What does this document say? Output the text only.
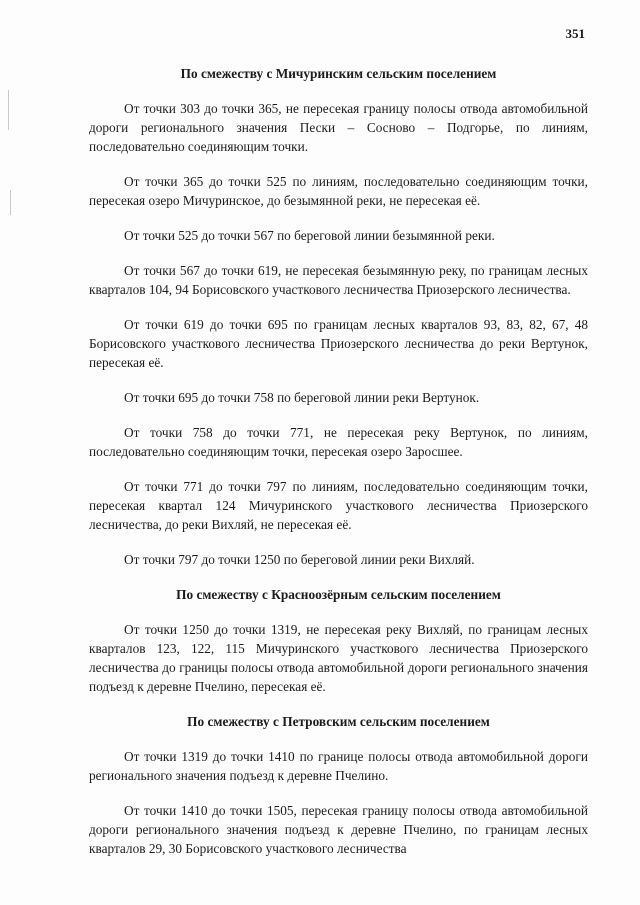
351
По смежеству с Мичуринским сельским поселением

От точки 303 до точки 365, не пересекая границу полосы отвода автомобильной дороги регионального значения Пески – Сосново – Подгорье, по линиям, последовательно соединяющим точки.

От точки 365 до точки 525 по линиям, последовательно соединяющим точки, пересекая озеро Мичуринское, до безымянной реки, не пересекая её.

От точки 525 до точки 567 по береговой линии безымянной реки.

От точки 567 до точки 619, не пересекая безымянную реку, по границам лесных кварталов 104, 94 Борисовского участкового лесничества Приозерского лесничества.

От точки 619 до точки 695 по границам лесных кварталов 93, 83, 82, 67, 48 Борисовского участкового лесничества Приозерского лесничества до реки Вертунок, пересекая её.

От точки 695 до точки 758 по береговой линии реки Вертунок.

От точки 758 до точки 771, не пересекая реку Вертунок, по линиям, последовательно соединяющим точки, пересекая озеро Заросшее.

От точки 771 до точки 797 по линиям, последовательно соединяющим точки, пересекая квартал 124 Мичуринского участкового лесничества Приозерского лесничества, до реки Вихляй, не пересекая её.

От точки 797 до точки 1250 по береговой линии реки Вихляй.

По смежеству с Красноозёрным сельским поселением

От точки 1250 до точки 1319, не пересекая реку Вихляй, по границам лесных кварталов 123, 122, 115 Мичуринского участкового лесничества Приозерского лесничества до границы полосы отвода автомобильной дороги регионального значения подъезд к деревне Пчелино, пересекая её.

По смежеству с Петровским сельским поселением

От точки 1319 до точки 1410 по границе полосы отвода автомобильной дороги регионального значения подъезд к деревне Пчелино.

От точки 1410 до точки 1505, пересекая границу полосы отвода автомобильной дороги регионального значения подъезд к деревне Пчелино, по границам лесных кварталов 29, 30 Борисовского участкового лесничества
